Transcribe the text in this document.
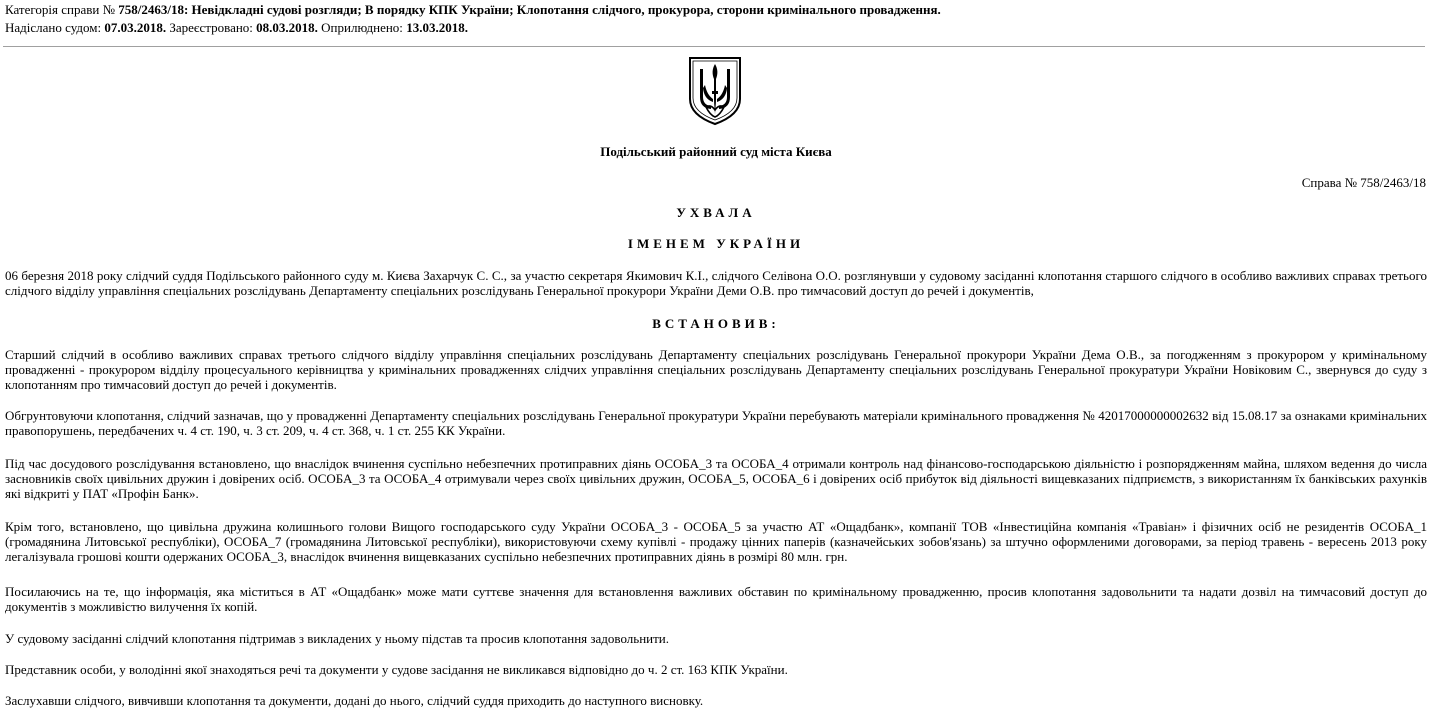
Категорія справи № 758/2463/18: Невідкладні судові розгляди; В порядку КПК України; Клопотання слідчого, прокурора, сторони кримінального провадження.
Надіслано судом: 07.03.2018. Зареєстровано: 08.03.2018. Оприлюднено: 13.03.2018.
Подільський районний суд міста Києва
Справа № 758/2463/18
УХВАЛА
ІМЕНЕМ УКРАЇНИ
06 березня 2018 року слідчий суддя Подільського районного суду м. Києва Захарчук С. С., за участю секретаря Якимович К.І., слідчого Селівона О.О. розглянувши у судовому засіданні клопотання старшого слідчого в особливо важливих справах третього слідчого відділу управління спеціальних розслідувань Департаменту спеціальних розслідувань Генеральної прокурори України Деми О.В. про тимчасовий доступ до речей і документів,
ВСТАНОВИВ:
Старший слідчий в особливо важливих справах третього слідчого відділу управління спеціальних розслідувань Департаменту спеціальних розслідувань Генеральної прокурори України Дема О.В., за погодженням з прокурором у кримінальному провадженні - прокурором відділу процесуального керівництва у кримінальних провадженнях слідчих управління спеціальних розслідувань Департаменту спеціальних розслідувань Генеральної прокуратури України Новіковим С., звернувся до суду з клопотанням про тимчасовий доступ до речей і документів.
Обгрунтовуючи клопотання, слідчий зазначав, що у провадженні Департаменту спеціальних розслідувань Генеральної прокуратури України перебувають матеріали кримінального провадження № 42017000000002632 від 15.08.17 за ознаками кримінальних правопорушень, передбачених ч. 4 ст. 190, ч. 3 ст. 209, ч. 4 ст. 368, ч. 1 ст. 255 КК України.
Під час досудового розслідування встановлено, що внаслідок вчинення суспільно небезпечних протиправних діянь ОСОБА_3 та ОСОБА_4 отримали контроль над фінансово-господарською діяльністю і розпорядженням майна, шляхом ведення до числа засновників своїх цивільних дружин і довірених осіб. ОСОБА_3 та ОСОБА_4 отримували через своїх цивільних дружин, ОСОБА_5, ОСОБА_6 і довірених осіб прибуток від діяльності вищевказаних підприємств, з використанням їх банківських рахунків які відкриті у ПАТ «Профін Банк».
Крім того, встановлено, що цивільна дружина колишнього голови Вищого господарського суду України ОСОБА_3 - ОСОБА_5 за участю АТ «Ощадбанк», компанії ТОВ «Інвестиційна компанія «Травіан» і фізичних осіб не резидентів ОСОБА_1 (громадянина Литовської республіки), ОСОБА_7 (громадянина Литовської республіки), використовуючи схему купівлі - продажу цінних паперів (казначейських зобов'язань) за штучно оформленими договорами, за період травень - вересень 2013 року легалізувала грошові кошти одержаних ОСОБА_3, внаслідок вчинення вищевказаних суспільно небезпечних протиправних діянь в розмірі 80 млн. грн.
Посилаючись на те, що інформація, яка міститься в АТ «Ощадбанк» може мати суттєве значення для встановлення важливих обставин по кримінальному провадженню, просив клопотання задовольнити та надати дозвіл на тимчасовий доступ до документів з можливістю вилучення їх копій.
У судовому засіданні слідчий клопотання підтримав з викладених у ньому підстав та просив клопотання задовольнити.
Представник особи, у володінні якої знаходяться речі та документи у судове засідання не викликався відповідно до ч. 2 ст. 163 КПК України.
Заслухавши слідчого, вивчивши клопотання та документи, додані до нього, слідчий суддя приходить до наступного висновку.
